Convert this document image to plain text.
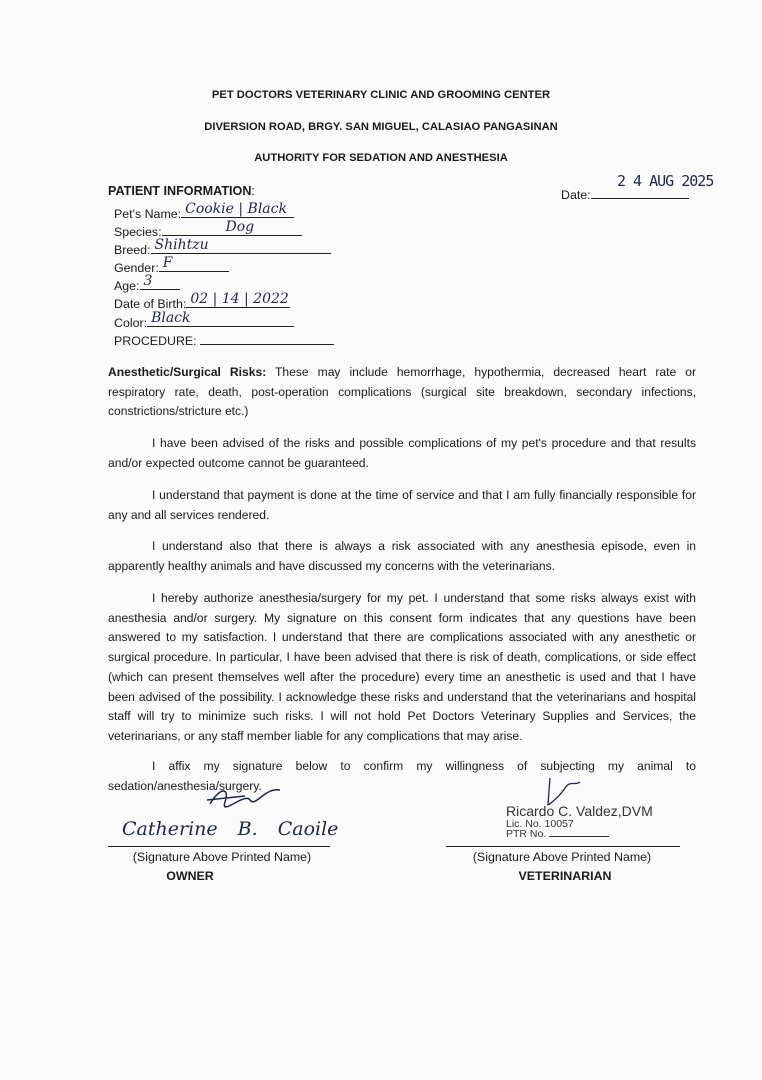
PET DOCTORS VETERINARY CLINIC AND GROOMING CENTER
DIVERSION ROAD, BRGY. SAN MIGUEL, CALASIAO PANGASINAN
AUTHORITY FOR SEDATION AND ANESTHESIA
PATIENT INFORMATION:	Date:
2 4 AUG 2025
Pet's Name: Cookie | Black
Species:	Dog
Breed: Shihtzu
Gender: F
Age: 3
Date of Birth: 02 | 14 | 2022
Color: Black
PROCEDURE:
Anesthetic/Surgical Risks: These may include hemorrhage, hypothermia, decreased heart rate or respiratory rate, death, post-operation complications (surgical site breakdown, secondary infections, constrictions/stricture etc.)
I have been advised of the risks and possible complications of my pet's procedure and that results and/or expected outcome cannot be guaranteed.
I understand that payment is done at the time of service and that I am fully financially responsible for any and all services rendered.
I understand also that there is always a risk associated with any anesthesia episode, even in apparently healthy animals and have discussed my concerns with the veterinarians.
I hereby authorize anesthesia/surgery for my pet. I understand that some risks always exist with anesthesia and/or surgery. My signature on this consent form indicates that any questions have been answered to my satisfaction. I understand that there are complications associated with any anesthetic or surgical procedure. In particular, I have been advised that there is risk of death, complications, or side effect (which can present themselves well after the procedure) every time an anesthetic is used and that I have been advised of the possibility. I acknowledge these risks and understand that the veterinarians and hospital staff will try to minimize such risks. I will not hold Pet Doctors Veterinary Supplies and Services, the veterinarians, or any staff member liable for any complications that may arise.
I affix my signature below to confirm my willingness of subjecting my animal to sedation/anesthesia/surgery.
Catherine B. Caoile
(Signature Above Printed Name)
OWNER
Ricardo C. Valdez,DVM
Lic. No. 10057
PTR No.
(Signature Above Printed Name)
VETERINARIAN
